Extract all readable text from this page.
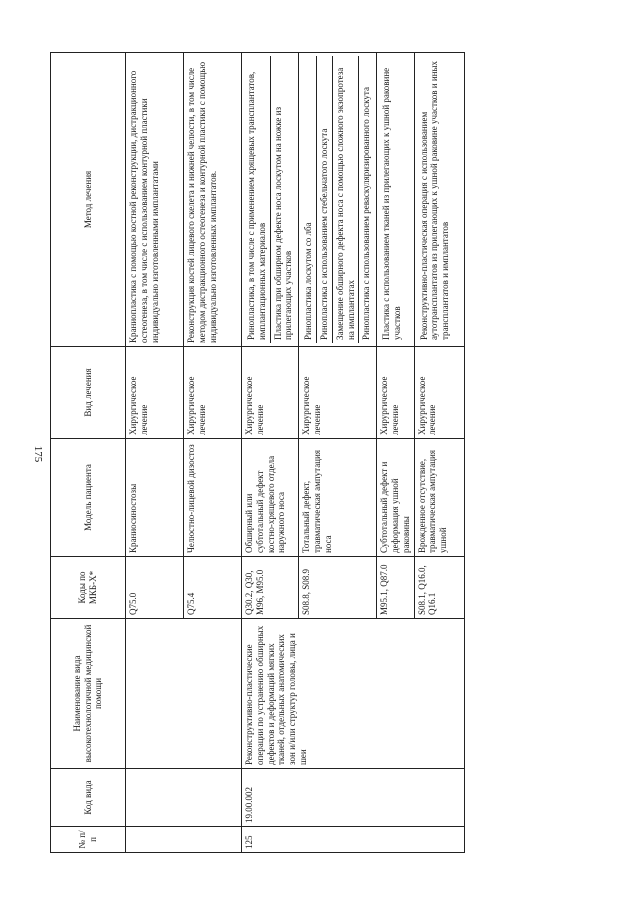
175
№ п/п	Код вида	Наименование вида высокотехнологичной медицинской помощи	Коды по МКБ-Х*	Модель пациента	Вид лечения	Метод лечения
			Q75.0	Краниосиностозы	Хирургическое лечение	Краниопластика с помощью костной реконструкции, дистракционного остеогенеза, в том числе с использованием контурной пластики индивидуально изготовленными имплантатами
			Q75.4	Челюстно-лицевой дизостоз	Хирургическое лечение	Реконструкция костей лицевого скелета и нижней челюсти, в том числе методом дистракционного остеогенеза и контурной пластики с помощью индивидуально изготовленных имплантатов.
125	19.00.002	Реконструктивно-пластические операции по устранению обширных дефектов и деформаций мягких тканей, отдельных анатомических зон и/или структур головы, лица и шеи	Q30.2, Q30, M96, M95.0	Обширный или субтотальный дефект костно-хрящевого отдела наружного носа	Хирургическое лечение	Ринопластика, в том числе с применением хрящевых трансплантатов, имплантационных материалов Пластика при обширном дефекте носа лоскутом на ножке из прилегающих участков

			S08.8, S08.9	Тотальный дефект, травматическая ампутация носа	Хирургическое лечение	Ринопластика лоскутом со лба Ринопластика с использованием стебельчатого лоскута Замещение обширного дефекта носа с помощью сложного экзопротеза на имплантатах Ринопластика с использованием реваскуляризированного лоскута

			M95.1, Q87.0	Субтотальный дефект и деформация ушной раковины	Хирургическое лечение	Пластика с использованием тканей из прилегающих к ушной раковине участков

			S08.1, Q16.0, Q16.1	Врожденное отсутствие, травматическая ампутация ушной	Хирургическое лечение	Реконструктивно-пластическая операция с использованием аутотрансплантатов из прилегающих к ушной раковине участков и иных трансплантатов и имплантатов
